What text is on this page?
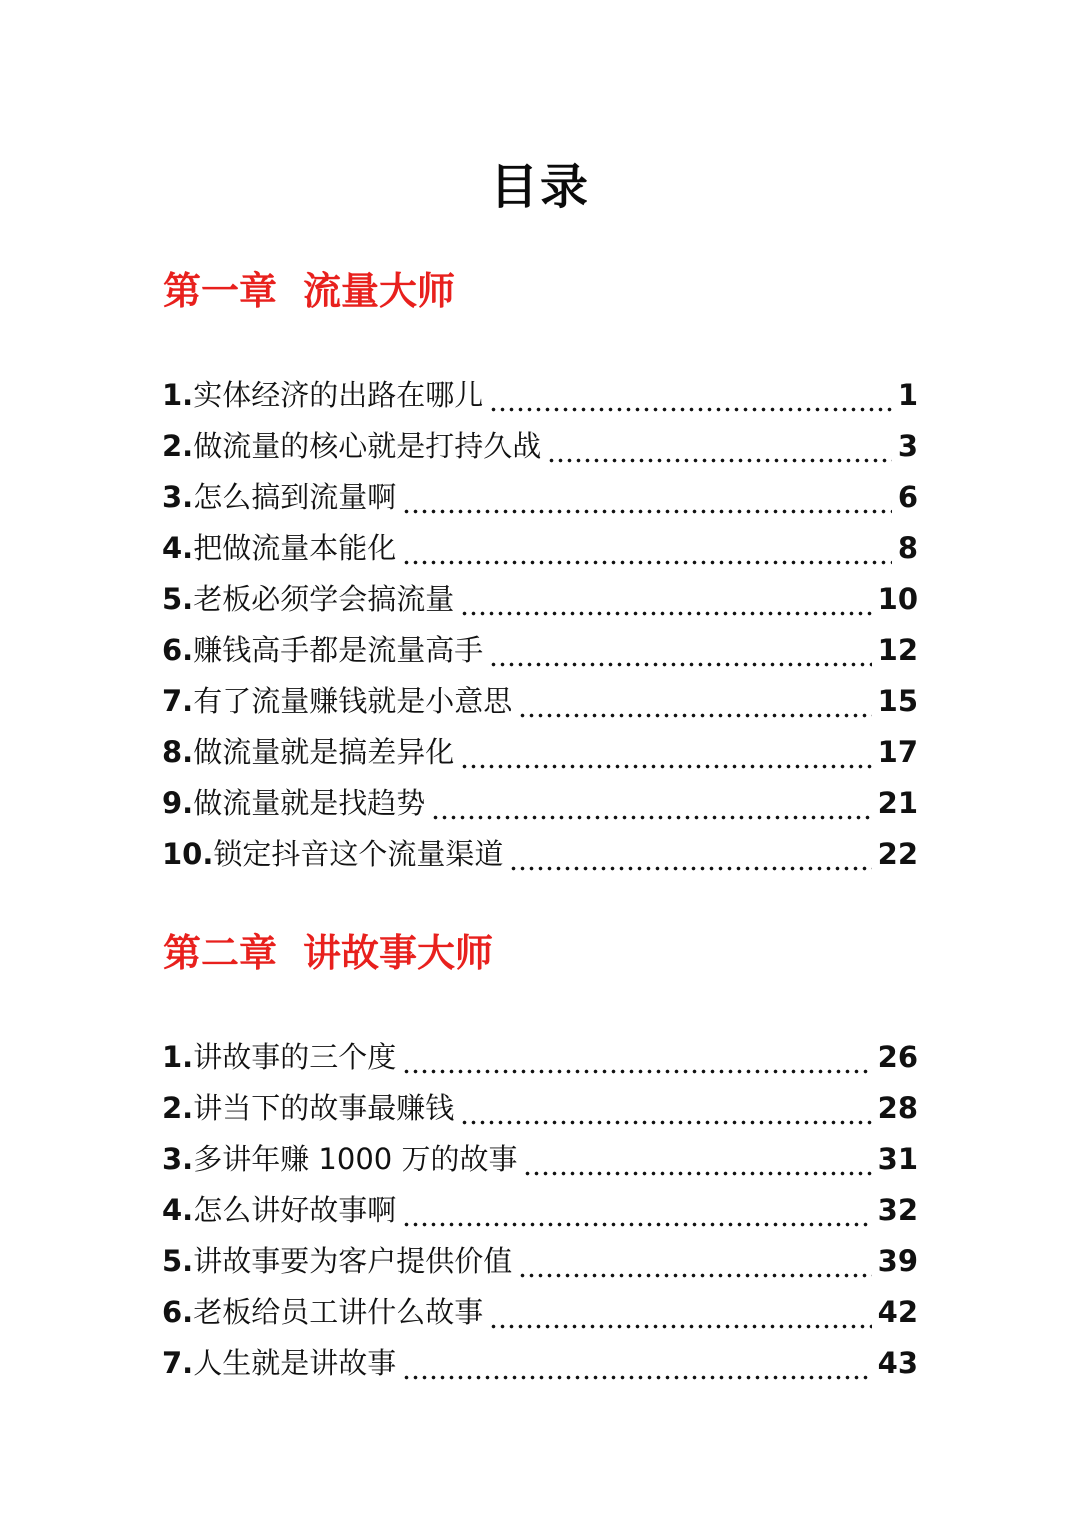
目录
第一章 流量大师
1. 实体经济的出路在哪儿	1
2. 做流量的核心就是打持久战	3
3. 怎么搞到流量啊	6
4. 把做流量本能化	8
5. 老板必须学会搞流量	10
6. 赚钱高手都是流量高手	12
7. 有了流量赚钱就是小意思	15
8. 做流量就是搞差异化	17
9. 做流量就是找趋势	21
10. 锁定抖音这个流量渠道	22
第二章 讲故事大师
1. 讲故事的三个度	26
2. 讲当下的故事最赚钱	28
3. 多讲年赚 1000 万的故事	31
4. 怎么讲好故事啊	32
5. 讲故事要为客户提供价值	39
6. 老板给员工讲什么故事	42
7. 人生就是讲故事	43
